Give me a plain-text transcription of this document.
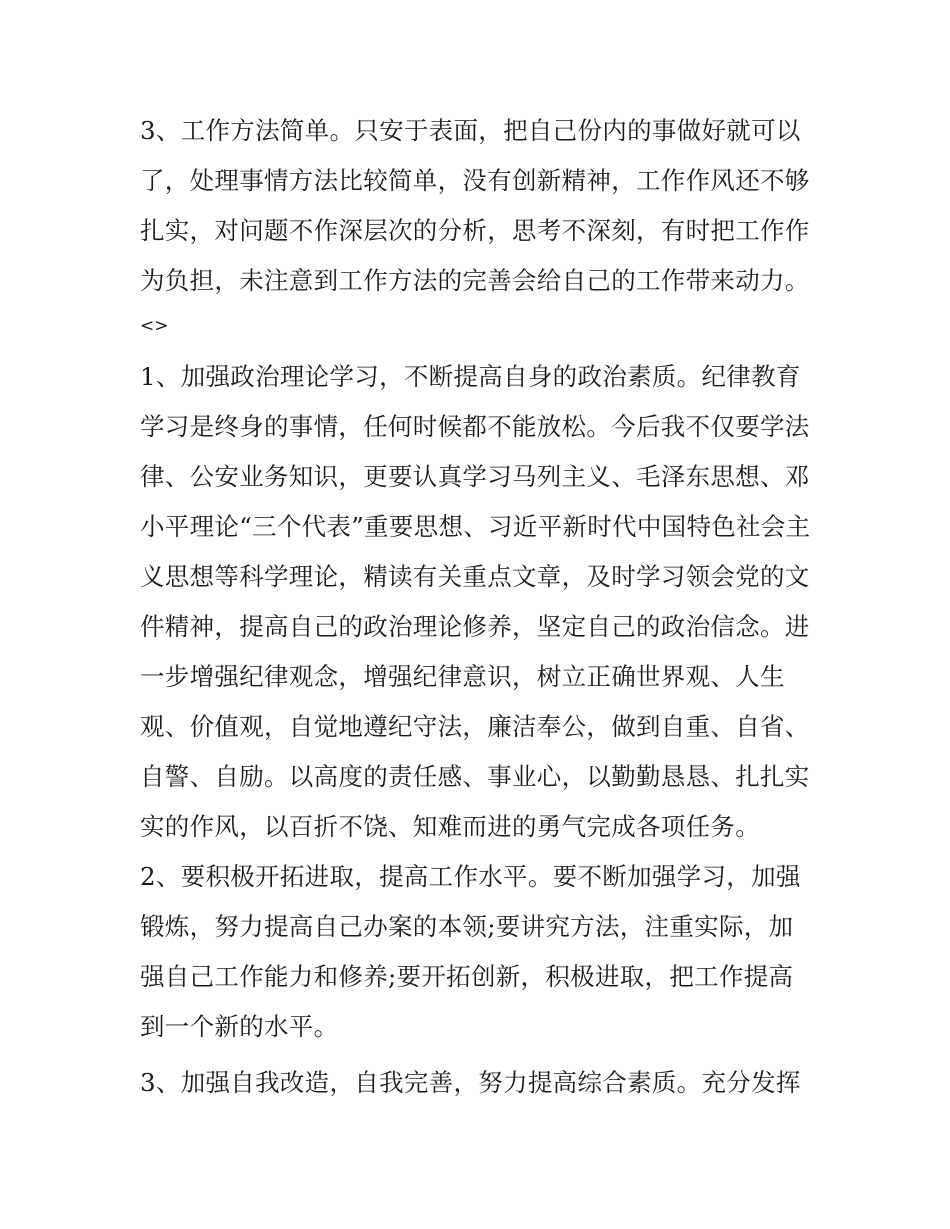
3、工作方法简单。只安于表面，把自己份内的事做好就可以
了，处理事情方法比较简单，没有创新精神，工作作风还不够
扎实，对问题不作深层次的分析，思考不深刻，有时把工作作
为负担，未注意到工作方法的完善会给自己的工作带来动力。
<>
1、加强政治理论学习，不断提高自身的政治素质。纪律教育
学习是终身的事情，任何时候都不能放松。今后我不仅要学法
律、公安业务知识，更要认真学习马列主义、毛泽东思想、邓
小平理论“三个代表”重要思想、习近平新时代中国特色社会主
义思想等科学理论，精读有关重点文章，及时学习领会党的文
件精神，提高自己的政治理论修养，坚定自己的政治信念。进
一步增强纪律观念，增强纪律意识，树立正确世界观、人生
观、价值观，自觉地遵纪守法，廉洁奉公，做到自重、自省、
自警、自励。以高度的责任感、事业心，以勤勤恳恳、扎扎实
实的作风，以百折不饶、知难而进的勇气完成各项任务。
2、要积极开拓进取，提高工作水平。要不断加强学习，加强
锻炼，努力提高自己办案的本领;要讲究方法，注重实际，加
强自己工作能力和修养;要开拓创新，积极进取，把工作提高
到一个新的水平。
3、加强自我改造，自我完善，努力提高综合素质。充分发挥
